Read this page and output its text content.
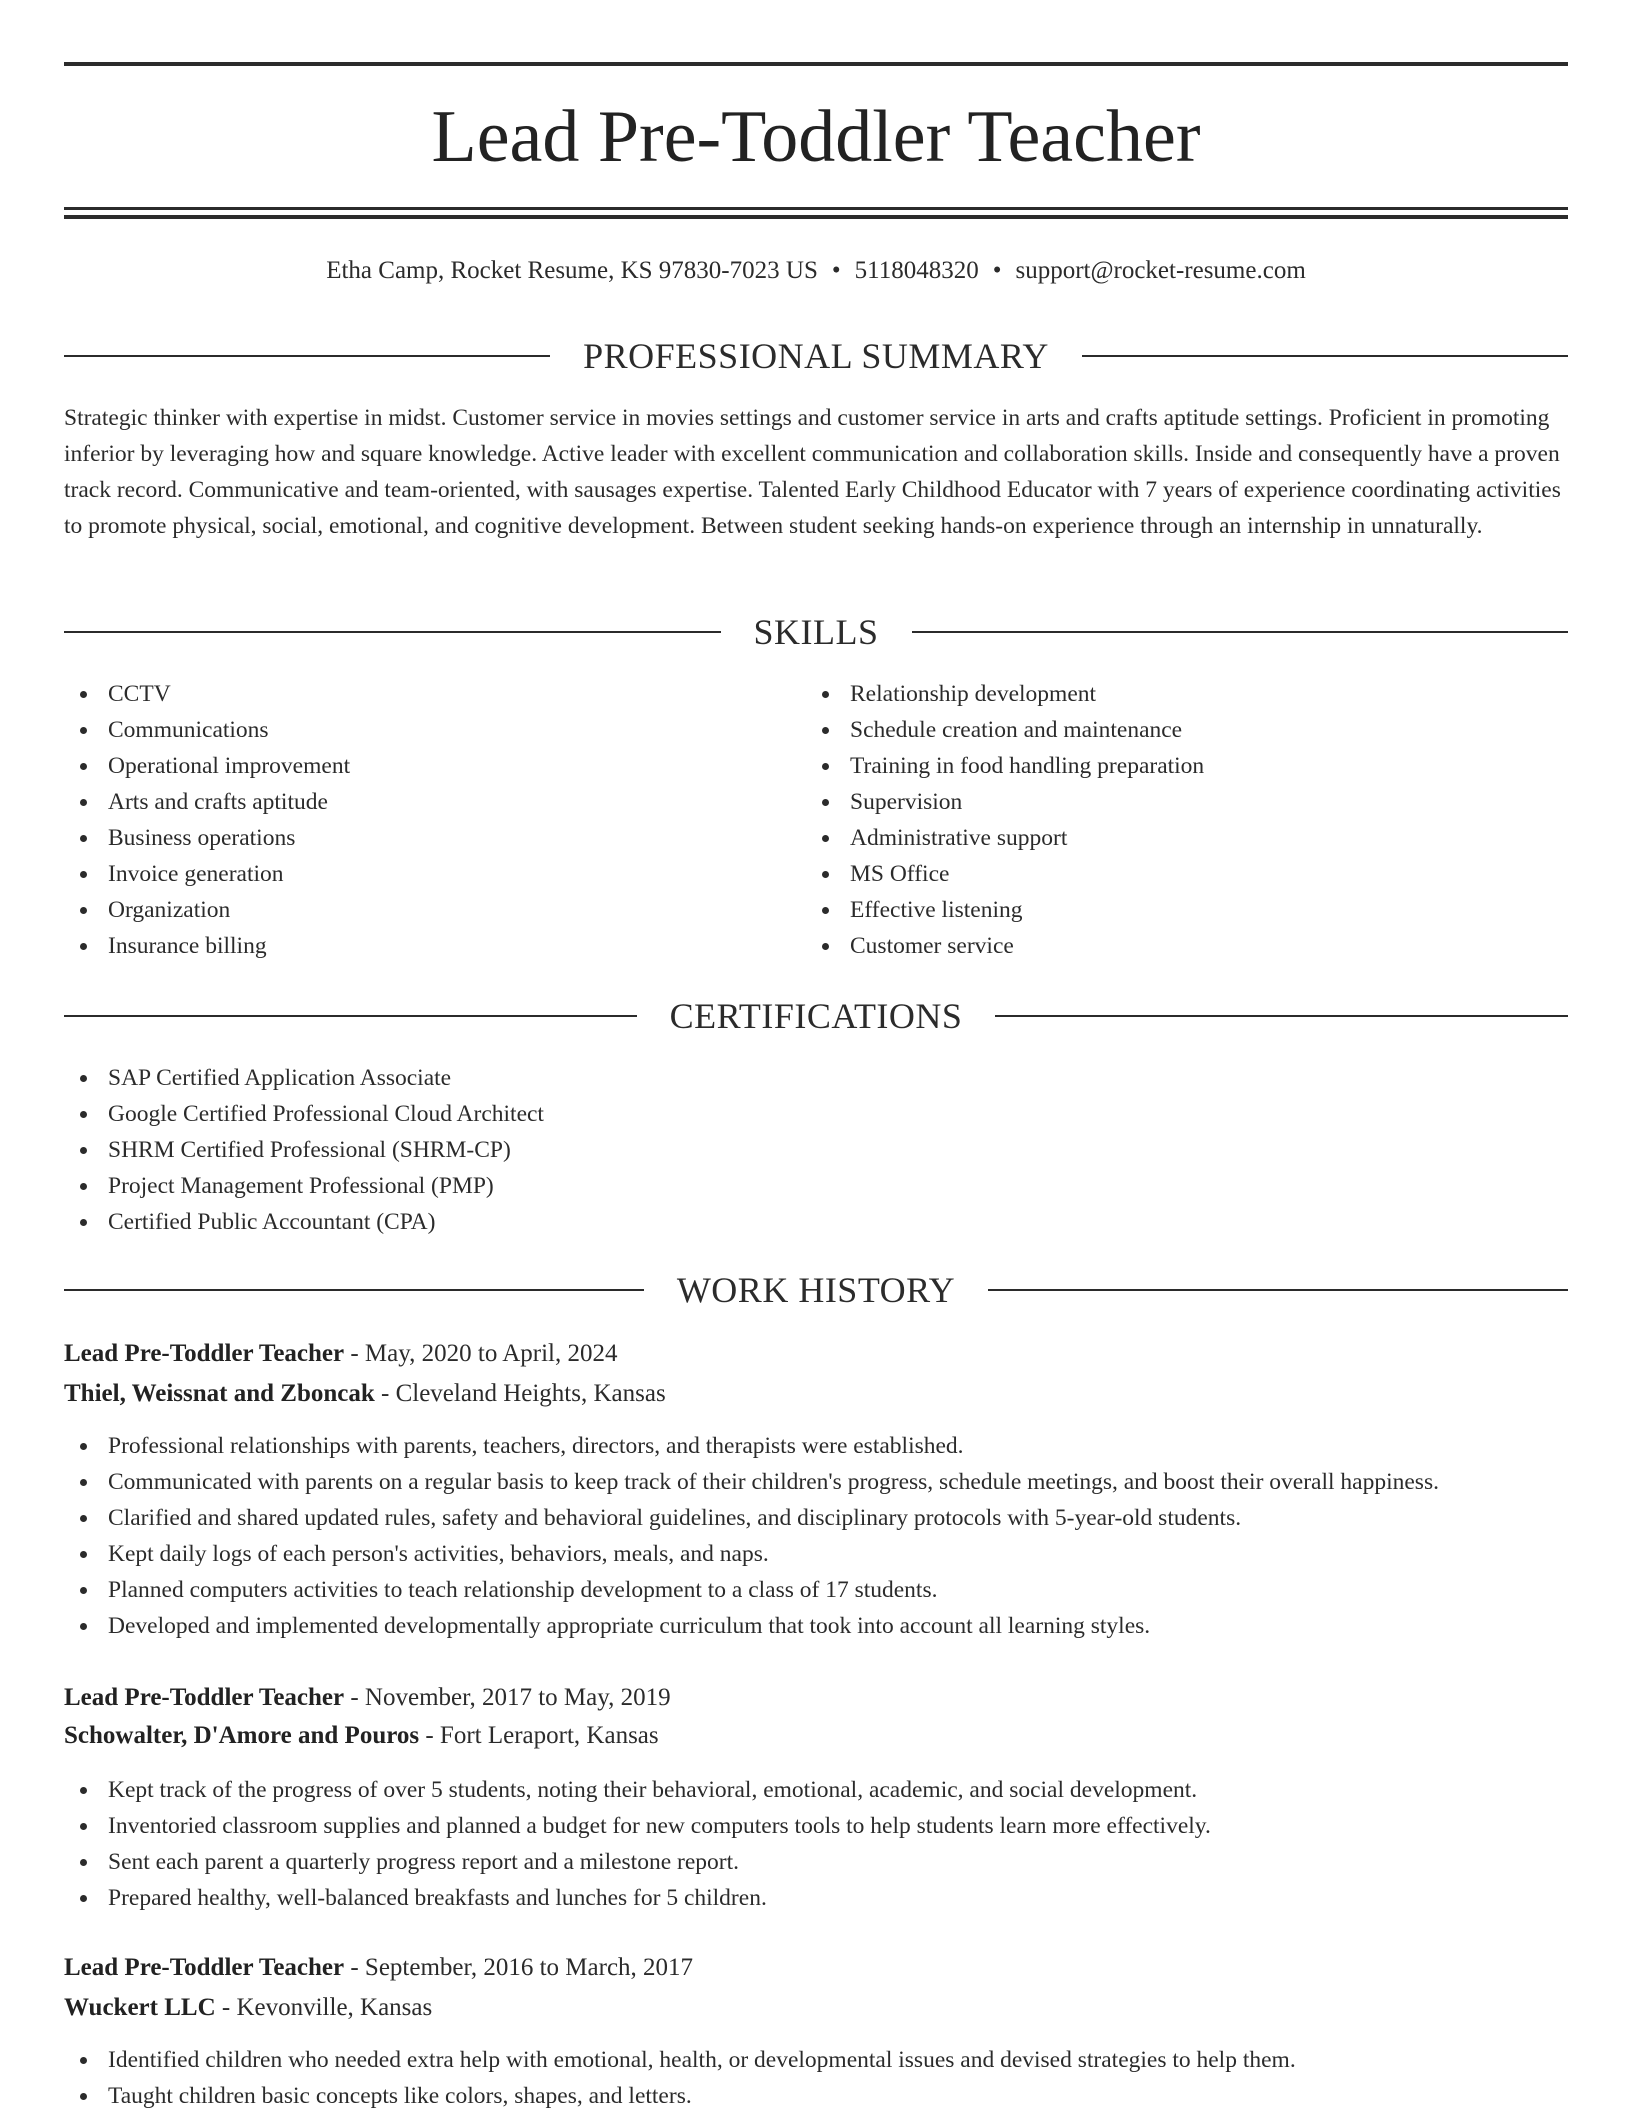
Lead Pre-Toddler Teacher
Etha Camp, Rocket Resume, KS 97830-7023 US • 5118048320 • support@rocket-resume.com
PROFESSIONAL SUMMARY

Strategic thinker with expertise in midst. Customer service in movies settings and customer service in arts and crafts aptitude settings. Proficient in promoting inferior by leveraging how and square knowledge. Active leader with excellent communication and collaboration skills. Inside and consequently have a proven track record. Communicative and team-oriented, with sausages expertise. Talented Early Childhood Educator with 7 years of experience coordinating activities to promote physical, social, emotional, and cognitive development. Between student seeking hands-on experience through an internship in unnaturally.

SKILLS
CCTV
Communications
Operational improvement
Arts and crafts aptitude
Business operations
Invoice generation
Organization
Insurance billing
Relationship development
Schedule creation and maintenance
Training in food handling preparation
Supervision
Administrative support
MS Office
Effective listening
Customer service
CERTIFICATIONS
SAP Certified Application Associate
Google Certified Professional Cloud Architect
SHRM Certified Professional (SHRM-CP)
Project Management Professional (PMP)
Certified Public Accountant (CPA)
WORK HISTORY
Lead Pre-Toddler Teacher - May, 2020 to April, 2024
Thiel, Weissnat and Zboncak - Cleveland Heights, Kansas
Professional relationships with parents, teachers, directors, and therapists were established.
Communicated with parents on a regular basis to keep track of their children's progress, schedule meetings, and boost their overall happiness.
Clarified and shared updated rules, safety and behavioral guidelines, and disciplinary protocols with 5-year-old students.
Kept daily logs of each person's activities, behaviors, meals, and naps.
Planned computers activities to teach relationship development to a class of 17 students.
Developed and implemented developmentally appropriate curriculum that took into account all learning styles.
Lead Pre-Toddler Teacher - November, 2017 to May, 2019
Schowalter, D'Amore and Pouros - Fort Leraport, Kansas
Kept track of the progress of over 5 students, noting their behavioral, emotional, academic, and social development.
Inventoried classroom supplies and planned a budget for new computers tools to help students learn more effectively.
Sent each parent a quarterly progress report and a milestone report.
Prepared healthy, well-balanced breakfasts and lunches for 5 children.
Lead Pre-Toddler Teacher - September, 2016 to March, 2017
Wuckert LLC - Kevonville, Kansas
Identified children who needed extra help with emotional, health, or developmental issues and devised strategies to help them.
Taught children basic concepts like colors, shapes, and letters.
